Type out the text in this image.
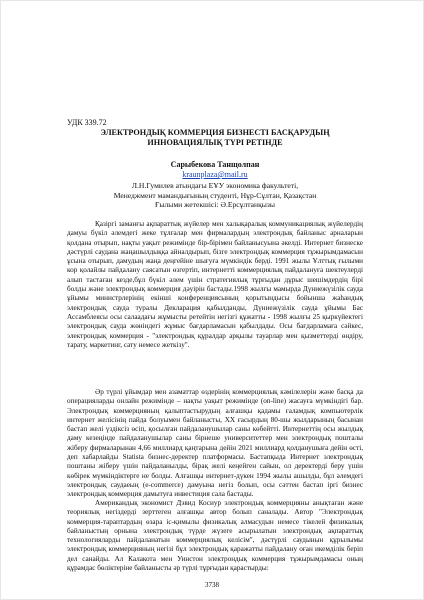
УДК 339.72
ЭЛЕКТРОНДЫҚ КОММЕРЦИЯ БИЗНЕСТІ БАСҚАРУДЫҢ
ИННОВАЦИЯЛЫҚ ТҮРІ РЕТІНДЕ
Сарыбекова Танщолпан
kraunplaza@mail.ru
Л.Н.Гумилев атындағы ЕҰУ экономика факультеті,
Менеджмент мамандығының студенті, Нұр-Сұлтан, Қазақстан
Ғылыми жетекшісі: Ә.Ерсұлтанқызы

Қазіргі заманғы ақпараттық жүйелер мен халықаралық коммуникациялық жүйелердің дамуы бүкіл әлемдегі жеке тұлғалар мен фирмалардың электрондық байланыс арналарын қолдана отырып, нақты уақыт режимінде бір-бірімен байланысуына әкелді. Интернет бизнеске дәстүрлі саудана жаңашылдыққа айналдырып, бізге электрондық коммерция тұжырымдамасын ұсына отырып, дамудың жаңа деңгейіне шығуға мүмкіндік берді. 1991 жылы Ұлттық ғылыми кор қолайлы пайдалану саясатын өзгертіп, интернетті коммерциялық пайдалануға шектеулерді алып тастаған кезде,бұл бүкіл әлем үшін стратегиялық тұрғыдан дұрыс шешімдердің бірі болды және электрондық коммерция дәуірін бастады.1998 жылғы мамырда Дүниежүзілік сауда ұйымы министрлерінің екінші конференциясының қорытындысы бойынша жаһандық электрондық сауда туралы Декларация қабылданды, Дүниежүзілік сауда ұйымы Бас Ассамблеясы осы салаадағы жұмысты ретейтін негізгі құжатты - 1998 жылғы 25 қыркүйектегі электрондық сауда жөніндегі жұмыс бағдарламасын қабылдады. Осы бағдарламаға сәйкес, электрондық коммерция - "электрондық құралдар арқылы тауарлар мен қызметтерді өндіру, тарату, маркетинг, сату немесе жеткізу".

Әр түрлі ұйымдар мен азаматтар өздерінің коммерциялық кәмілелерін және басқа да операцияларды онлайн режимінде – нақты уақыт режимінде (on-line) жасауға мүмкіндігі бар. Электрондық коммерцияның қалыптастырудың алғашқы қадамы ғаламдық компьютерлік интернет желісінің пайда болуымен байланысты, XX ғасырдың 80-шы жылдарының басынан бастап желі үздіксіз өсіп, қосылған пайдаланушылар саны көбейтті. Интернеттің осы жылдық даму кезеңінде пайдаланушылар саны бірнеше университеттер мен электрондық пошталы жіберу фирмаларынан 4,66 миллиард қаңтарына дейін 2021 миллиард қолданушыға дейін өсті, деп хабарлайды Statista бизнес-деректер платформасы. Бастапқыда Интернет электрондық поштаны жіберу үшін пайдаланылды, бірақ желі кеңейген сайын, ол деректерді беру үшін көбірек мүмкіндіктерге не болды. Алғашқы интернет-дүкен 1994 жылы ашылды, бұл әлемдегі электрондық саудаеың (e-commerce) дамуына негіз болып, осы сәттен бастап іргі бизнес электрондық коммерция дамытуға инвестиция сала бастады.

Американдық экономист Дэвид Косиур электрондық коммерцияны анықтаған және теориялық негіздерді зерттеген алғашқы автор болып саналады. Автор "Электрондық коммерция-тараптардың өзара іс-қимылы физикалық алмасудын немесе тікелей физикалық байланыстың орнына электрондық түрде жүзеге асырылатын электрондық ақпараттық технологияларды пайдаланатын коммерциялық келісім", дәстүрлі саудынын құрылымы электрондық коммерцияның негізі бұл электрондық қаражатты пайдалану оған икемділік беріп дел санайды. Ал Калакота мен Уинстон электрондық коммерция тұжырымдамасы оның құрамдас бөліктеріне байланысты әр түрлі тұрғыдан қарастырды:

3738
